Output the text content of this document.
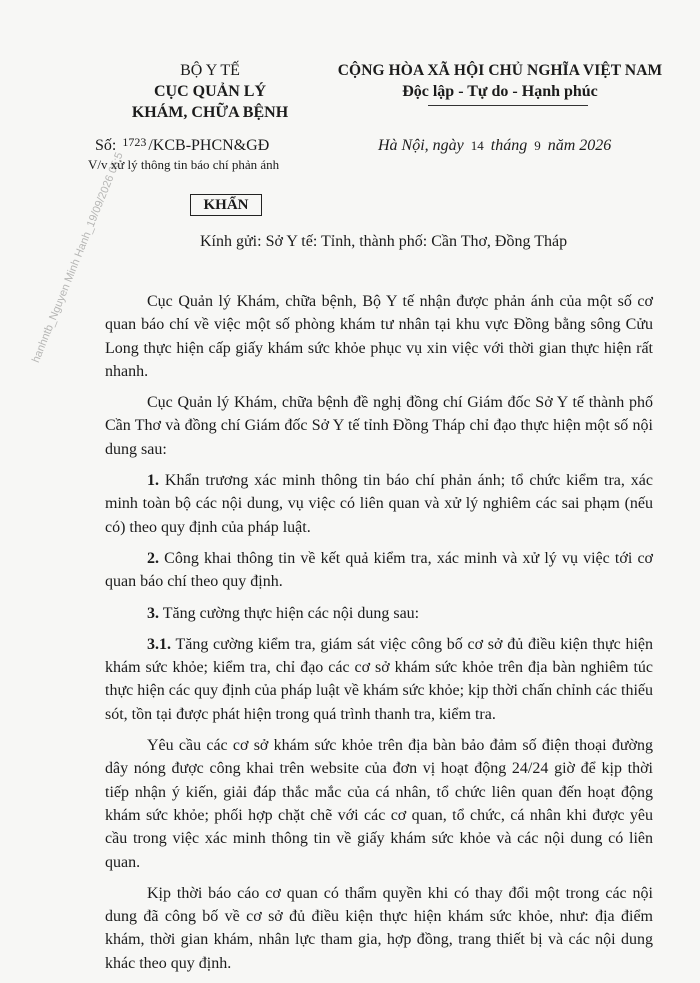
BỘ Y TẾ
CỤC QUẢN LÝ
KHÁM, CHỮA BỆNH
CỘNG HÒA XÃ HỘI CHỦ NGHĨA VIỆT NAM
Độc lập - Tự do - Hạnh phúc
Số: $^{1723}$ /KCB-PHCN&GĐ
V/v xử lý thông tin báo chí phản ánh
Hà Nội, ngày 14 tháng 9 năm 2026
KHẨN
Kính gửi: Sở Y tế: Tỉnh, thành phố: Cần Thơ, Đồng Tháp
hanhntb_Nguyen Minh Hanh_19/09/2026 05:5	Cục Quản lý Khám, chữa bệnh, Bộ Y tế nhận được phản ánh của một số cơ quan báo chí về việc một số phòng khám tư nhân tại khu vực Đồng bằng sông Cửu Long thực hiện cấp giấy khám sức khỏe phục vụ xin việc với thời gian thực hiện rất nhanh.

Cục Quản lý Khám, chữa bệnh đề nghị đồng chí Giám đốc Sở Y tế thành phố Cần Thơ và đồng chí Giám đốc Sở Y tế tỉnh Đồng Tháp chỉ đạo thực hiện một số nội dung sau:

1. Khẩn trương xác minh thông tin báo chí phản ánh; tổ chức kiểm tra, xác minh toàn bộ các nội dung, vụ việc có liên quan và xử lý nghiêm các sai phạm (nếu có) theo quy định của pháp luật.

2. Công khai thông tin về kết quả kiểm tra, xác minh và xử lý vụ việc tới cơ quan báo chí theo quy định.

3. Tăng cường thực hiện các nội dung sau:

3.1. Tăng cường kiểm tra, giám sát việc công bố cơ sở đủ điều kiện thực hiện khám sức khỏe; kiểm tra, chỉ đạo các cơ sở khám sức khỏe trên địa bàn nghiêm túc thực hiện các quy định của pháp luật về khám sức khỏe; kịp thời chấn chỉnh các thiếu sót, tồn tại được phát hiện trong quá trình thanh tra, kiểm tra.

Yêu cầu các cơ sở khám sức khỏe trên địa bàn bảo đảm số điện thoại đường dây nóng được công khai trên website của đơn vị hoạt động 24/24 giờ để kịp thời tiếp nhận ý kiến, giải đáp thắc mắc của cá nhân, tổ chức liên quan đến hoạt động khám sức khỏe; phối hợp chặt chẽ với các cơ quan, tổ chức, cá nhân khi được yêu cầu trong việc xác minh thông tin về giấy khám sức khỏe và các nội dung có liên quan.

Kịp thời báo cáo cơ quan có thẩm quyền khi có thay đổi một trong các nội dung đã công bố về cơ sở đủ điều kiện thực hiện khám sức khỏe, như: địa điểm khám, thời gian khám, nhân lực tham gia, hợp đồng, trang thiết bị và các nội dung khác theo quy định.
